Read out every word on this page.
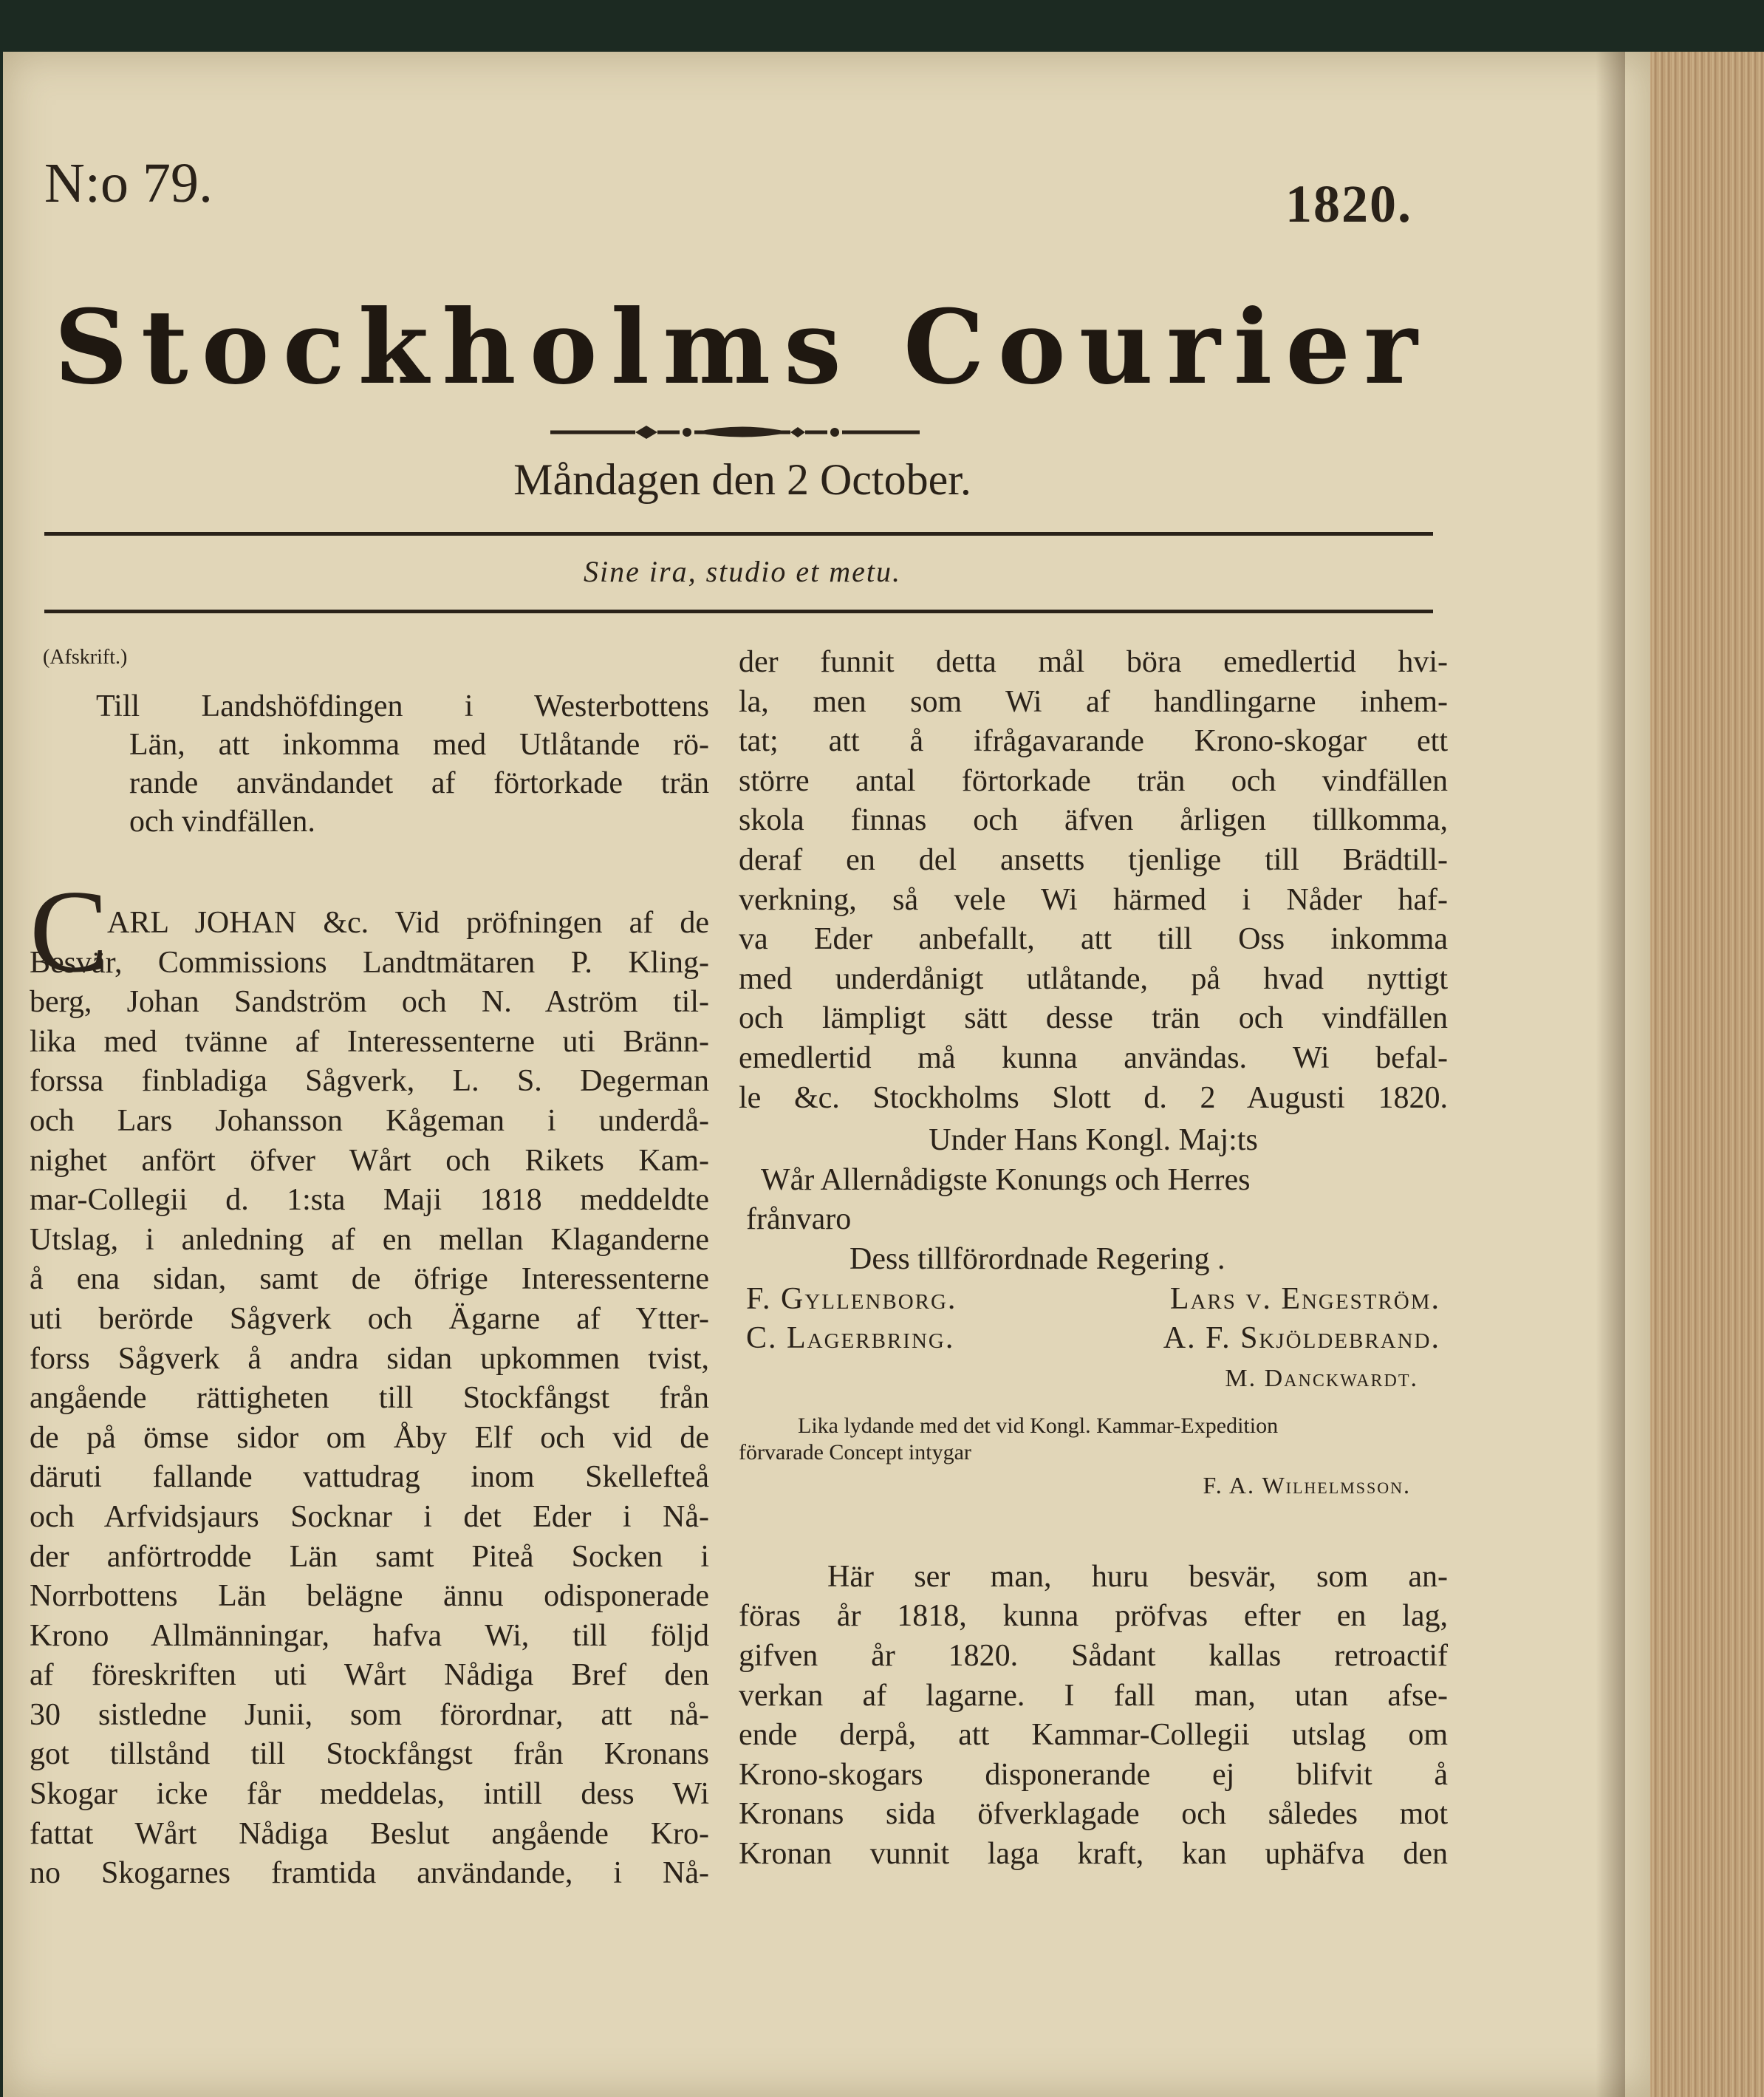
N:o 79.	1820.
Stockholms Courier
Måndagen den 2 October.
Sine ira, studio et metu.
(Afskrift.)
Till Landshöfdingen i Westerbottens
Län, att inkomma med Utlåtande rö-
rande användandet af förtorkade trän
och vindfällen.
ARL JOHAN &c. Vid pröfningen af de
Besvär, Commissions Landtmätaren P. Kling-
berg, Johan Sandström och N. Aström til-
lika med tvänne af Interessenterne uti Bränn-
forssa finbladiga Sågverk, L. S. Degerman
och Lars Johansson Kågeman i underdå-
nighet anfört öfver Wårt och Rikets Kam-
mar-Collegii d. 1:sta Maji 1818 meddeldte
Utslag, i anledning af en mellan Klaganderne
å ena sidan, samt de öfrige Interessenterne
uti berörde Sågverk och Ägarne af Ytter-
forss Sågverk å andra sidan upkommen tvist,
angående rättigheten till Stockfångst från
de på ömse sidor om Åby Elf och vid de
däruti fallande vattudrag inom Skellefteå
och Arfvidsjaurs Socknar i det Eder i Nå-
der anförtrodde Län samt Piteå Socken i
Norrbottens Län belägne ännu odisponerade
Krono Allmänningar, hafva Wi, till följd
af föreskriften uti Wårt Nådiga Bref den
30 sistledne Junii, som förordnar, att nå-
got tillstånd till Stockfångst från Kronans
Skogar icke får meddelas, intill dess Wi
fattat Wårt Nådiga Beslut angående Kro-
no Skogarnes framtida användande, i Nå-
C
der funnit detta mål böra emedlertid hvi-
la, men som Wi af handlingarne inhem-
tat; att å ifrågavarande Krono-skogar ett
större antal förtorkade trän och vindfällen
skola finnas och äfven årligen tillkomma,
deraf en del ansetts tjenlige till Brädtill-
verkning, så vele Wi härmed i Nåder haf-
va Eder anbefallt, att till Oss inkomma
med underdånigt utlåtande, på hvad nyttigt
och lämpligt sätt desse trän och vindfällen
emedlertid må kunna användas. Wi befal-
le &c. Stockholms Slott d. 2 Augusti 1820.
Under Hans Kongl. Maj:ts
Wår Allernådigste Konungs och Herres
frånvaro
Dess tillförordnade Regering .
F. Gyllenborg.	Lars v. Engeström.
C. Lagerbring.	A. F. Skjöldebrand.
M. Danckwardt.
Lika lydande med det vid Kongl. Kammar-Expedition
förvarade Concept intygar
F. A. Wilhelmsson.
Här ser man, huru besvär, som an-
föras år 1818, kunna pröfvas efter en lag,
gifven år 1820. Sådant kallas retroactif
verkan af lagarne. I fall man, utan afse-
ende derpå, att Kammar-Collegii utslag om
Krono-skogars disponerande ej blifvit å
Kronans sida öfverklagade och således mot
Kronan vunnit laga kraft, kan uphäfva den
